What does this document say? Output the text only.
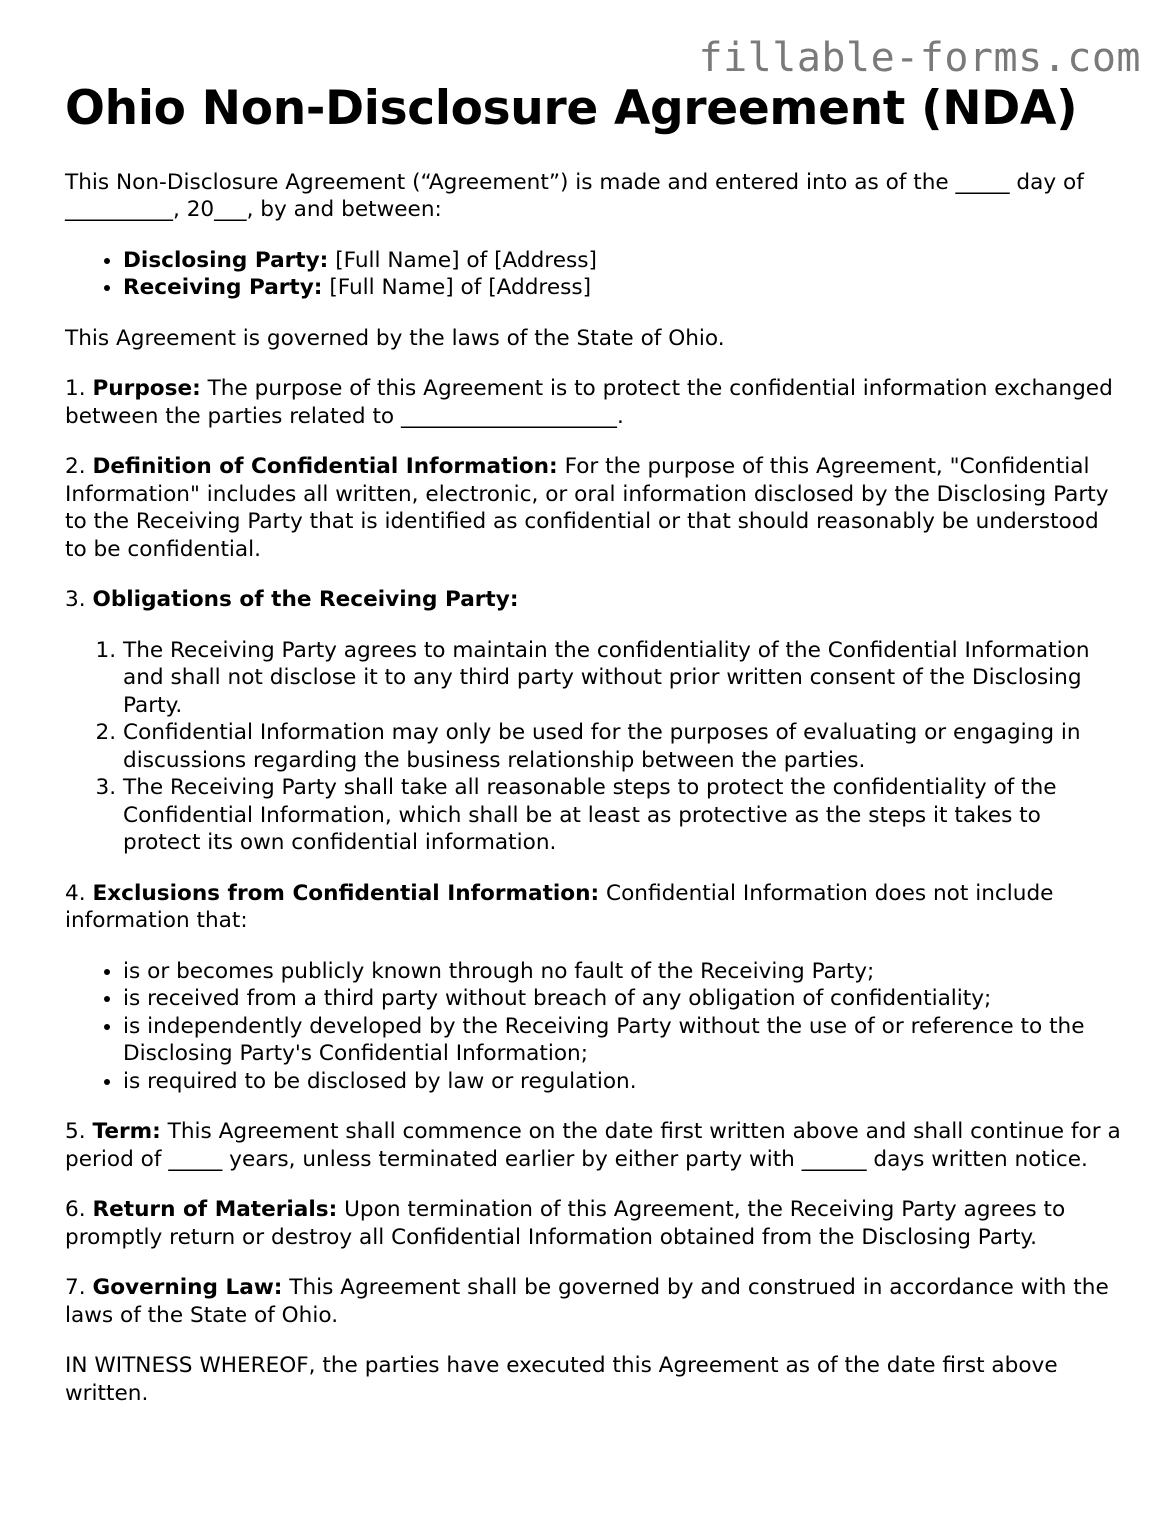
fillable-forms.com
Ohio Non-Disclosure Agreement (NDA)

This Non-Disclosure Agreement (“Agreement”) is made and entered into as of the _____ day of __________, 20___, by and between:

• Disclosing Party: [Full Name] of [Address]
• Receiving Party: [Full Name] of [Address]

This Agreement is governed by the laws of the State of Ohio.

1. Purpose: The purpose of this Agreement is to protect the confidential information exchanged between the parties related to ____________________.

2. Definition of Confidential Information: For the purpose of this Agreement, "Confidential Information" includes all written, electronic, or oral information disclosed by the Disclosing Party to the Receiving Party that is identified as confidential or that should reasonably be understood to be confidential.

3. Obligations of the Receiving Party:

1. The Receiving Party agrees to maintain the confidentiality of the Confidential Information and shall not disclose it to any third party without prior written consent of the Disclosing Party.
2. Confidential Information may only be used for the purposes of evaluating or engaging in discussions regarding the business relationship between the parties.
3. The Receiving Party shall take all reasonable steps to protect the confidentiality of the Confidential Information, which shall be at least as protective as the steps it takes to protect its own confidential information.

4. Exclusions from Confidential Information: Confidential Information does not include information that:

• is or becomes publicly known through no fault of the Receiving Party;
• is received from a third party without breach of any obligation of confidentiality;
• is independently developed by the Receiving Party without the use of or reference to the Disclosing Party's Confidential Information;
• is required to be disclosed by law or regulation.

5. Term: This Agreement shall commence on the date first written above and shall continue for a period of _____ years, unless terminated earlier by either party with ______ days written notice.

6. Return of Materials: Upon termination of this Agreement, the Receiving Party agrees to promptly return or destroy all Confidential Information obtained from the Disclosing Party.

7. Governing Law: This Agreement shall be governed by and construed in accordance with the laws of the State of Ohio.

IN WITNESS WHEREOF, the parties have executed this Agreement as of the date first above written.
